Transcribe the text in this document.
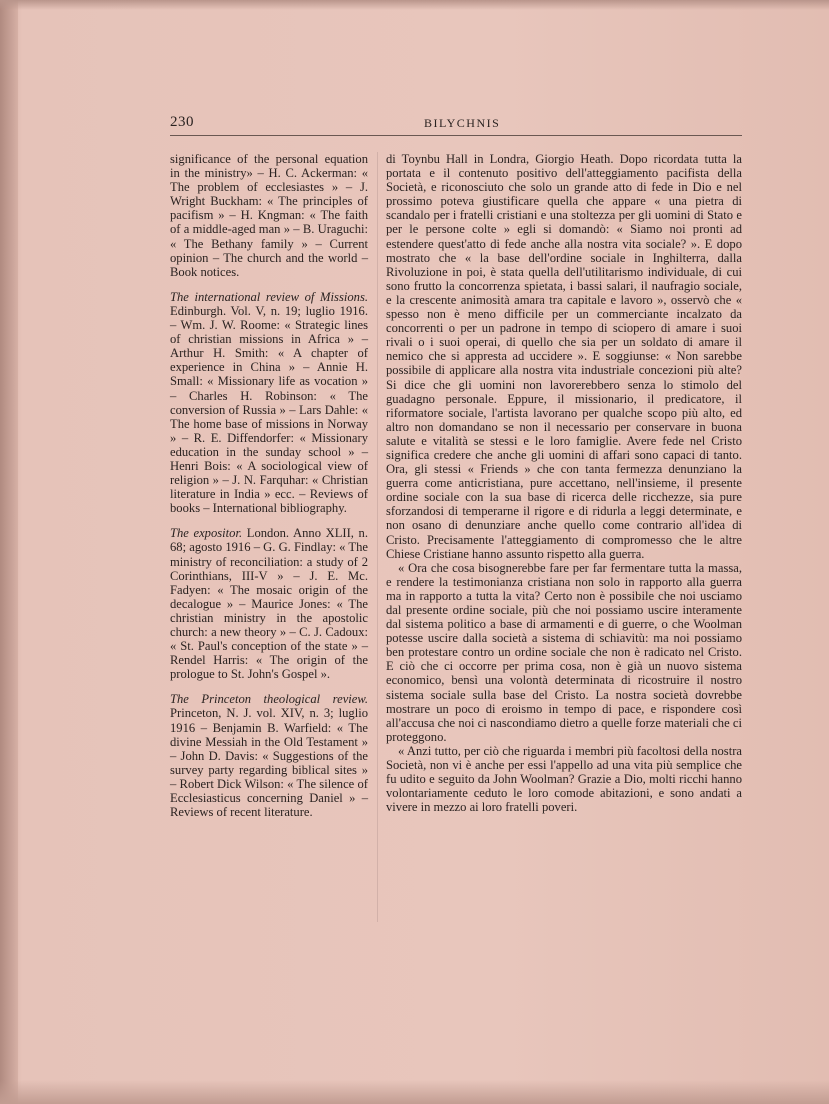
230	BILYCHNIS

significance of the personal equation in the ministry» – H. C. Ackerman: « The problem of ecclesiastes » – J. Wright Buckham: « The principles of pacifism » – H. Kngman: « The faith of a middle-aged man » – B. Uraguchi: « The Bethany family » – Current opinion – The church and the world – Book notices.

The international review of Missions. Edinburgh. Vol. V, n. 19; luglio 1916. – Wm. J. W. Roome: « Strategic lines of christian missions in Africa » – Arthur H. Smith: « A chapter of experience in China » – Annie H. Small: « Missionary life as vocation » – Charles H. Robinson: « The conversion of Russia » – Lars Dahle: « The home base of missions in Norway » – R. E. Diffendorfer: « Missionary education in the sunday school » – Henri Bois: « A sociological view of religion » – J. N. Farquhar: « Christian literature in India » ecc. – Reviews of books – International bibliography.

The expositor. London. Anno XLII, n. 68; agosto 1916 – G. G. Findlay: « The ministry of reconciliation: a study of 2 Corinthians, III-V » – J. E. Mc. Fadyen: « The mosaic origin of the decalogue » – Maurice Jones: « The christian ministry in the apostolic church: a new theory » – C. J. Cadoux: « St. Paul's conception of the state » – Rendel Harris: « The origin of the prologue to St. John's Gospel ».

The Princeton theological review. Princeton, N. J. vol. XIV, n. 3; luglio 1916 – Benjamin B. Warfield: « The divine Messiah in the Old Testament » – John D. Davis: « Suggestions of the survey party regarding biblical sites » – Robert Dick Wilson: « The silence of Ecclesiasticus concerning Daniel » – Reviews of recent literature.

di Toynbu Hall in Londra, Giorgio Heath. Dopo ricordata tutta la portata e il contenuto positivo dell'atteggiamento pacifista della Società, e riconosciuto che solo un grande atto di fede in Dio e nel prossimo poteva giustificare quella che appare « una pietra di scandalo per i fratelli cristiani e una stoltezza per gli uomini di Stato e per le persone colte » egli si domandò: « Siamo noi pronti ad estendere quest'atto di fede anche alla nostra vita sociale? ». E dopo mostrato che « la base dell'ordine sociale in Inghilterra, dalla Rivoluzione in poi, è stata quella dell'utilitarismo individuale, di cui sono frutto la concorrenza spietata, i bassi salari, il naufragio sociale, e la crescente animosità amara tra capitale e lavoro », osservò che « spesso non è meno difficile per un commerciante incalzato da concorrenti o per un padrone in tempo di sciopero di amare i suoi rivali o i suoi operai, di quello che sia per un soldato di amare il nemico che si appresta ad uccidere ». E soggiunse: « Non sarebbe possibile di applicare alla nostra vita industriale concezioni più alte? Si dice che gli uomini non lavorerebbero senza lo stimolo del guadagno personale. Eppure, il missionario, il predicatore, il riformatore sociale, l'artista lavorano per qualche scopo più alto, ed altro non domandano se non il necessario per conservare in buona salute e vitalità se stessi e le loro famiglie. Avere fede nel Cristo significa credere che anche gli uomini di affari sono capaci di tanto. Ora, gli stessi « Friends » che con tanta fermezza denunziano la guerra come anticristiana, pure accettano, nell'insieme, il presente ordine sociale con la sua base di ricerca delle ricchezze, sia pure sforzandosi di temperarne il rigore e di ridurla a leggi determinate, e non osano di denunziare anche quello come contrario all'idea di Cristo. Precisamente l'atteggiamento di compromesso che le altre Chiese Cristiane hanno assunto rispetto alla guerra.

« Ora che cosa bisognerebbe fare per far fermentare tutta la massa, e rendere la testimonianza cristiana non solo in rapporto alla guerra ma in rapporto a tutta la vita? Certo non è possibile che noi usciamo dal presente ordine sociale, più che noi possiamo uscire interamente dal sistema politico a base di armamenti e di guerre, o che Woolman potesse uscire dalla società a sistema di schiavitù: ma noi possiamo ben protestare contro un ordine sociale che non è radicato nel Cristo. E ciò che ci occorre per prima cosa, non è già un nuovo sistema economico, bensì una volontà determinata di ricostruire il nostro sistema sociale sulla base del Cristo. La nostra società dovrebbe mostrare un poco di eroismo in tempo di pace, e rispondere così all'accusa che noi ci nascondiamo dietro a quelle forze materiali che ci proteggono.

« Anzi tutto, per ciò che riguarda i membri più facoltosi della nostra Società, non vi è anche per essi l'appello ad una vita più semplice che fu udito e seguito da John Woolman? Grazie a Dio, molti ricchi hanno volontariamente ceduto le loro comode abitazioni, e sono andati a vivere in mezzo ai loro fratelli poveri.
